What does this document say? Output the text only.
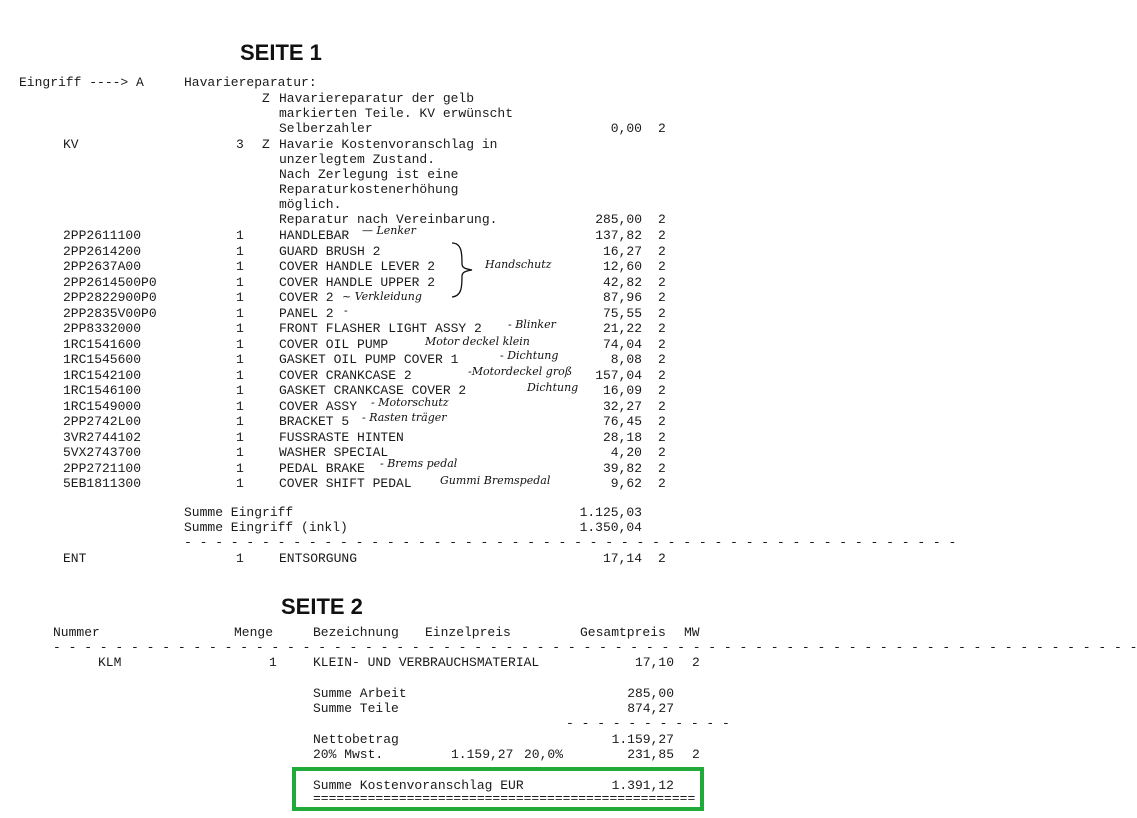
SEITE 1
Eingriff ----> A	Havariereparatur:
Z Havariereparatur der gelb
markierten Teile. KV erwünscht
Selberzahler	0,00 2
KV	3 Z Havarie Kostenvoranschlag in
unzerlegtem Zustand.
Nach Zerlegung ist eine
Reparaturkostenerhöhung
möglich.
Reparatur nach Vereinbarung.	285,00 2
2PP2611100	1	HANDLEBAR	137,82 2
2PP2614200	1	GUARD BRUSH 2	16,27 2
2PP2637A00	1	COVER HANDLE LEVER 2	12,60 2
2PP2614500P0	1	COVER HANDLE UPPER 2	42,82 2
2PP2822900P0	1	COVER 2	87,96 2
2PP2835V00P0	1	PANEL 2	75,55 2
2PP8332000	1	FRONT FLASHER LIGHT ASSY 2	21,22 2
1RC1541600	1	COVER OIL PUMP	74,04 2
1RC1545600	1	GASKET OIL PUMP COVER 1	8,08 2
1RC1542100	1	COVER CRANKCASE 2	157,04 2
1RC1546100	1	GASKET CRANKCASE COVER 2	16,09 2
1RC1549000	1	COVER ASSY	32,27 2
2PP2742L00	1	BRACKET 5	76,45 2
3VR2744102	1	FUSSRASTE HINTEN	28,18 2
5VX2743700	1	WASHER SPECIAL	4,20 2
2PP2721100	1	PEDAL BRAKE	39,82 2
5EB1811300	1	COVER SHIFT PEDAL	9,62 2
Summe Eingriff	1.125,03
Summe Eingriff (inkl)	1.350,04
- - - - - - - - - - - - - - - - - - - - - - - - - - - - - - - - - - - - - - - - - - - - - - - - - -
ENT	1	ENTSORGUNG	17,14 2
— Lenker
Handschutz
~ Verkleidung
-
- Blinker
Motor deckel klein
- Dichtung
-Motordeckel groß
Dichtung
- Motorschutz
- Rasten träger
- Brems pedal
Gummi Bremspedal
SEITE 2
Nummer	Menge	Bezeichnung Einzelpreis	Gesamtpreis MW
- - - - - - - - - - - - - - - - - - - - - - - - - - - - - - - - - - - - - - - - - - - - - - - - - - - - - - - - - - - - - - - - - - - - - -
KLM	1	KLEIN- UND VERBRAUCHSMATERIAL	17,10 2
Summe Arbeit	285,00
Summe Teile	874,27
- - - - - - - - - - -
Nettobetrag	1.159,27
20% Mwst.	1.159,27 20,0%	231,85 2
Summe Kostenvoranschlag EUR	1.391,12
=================================================
